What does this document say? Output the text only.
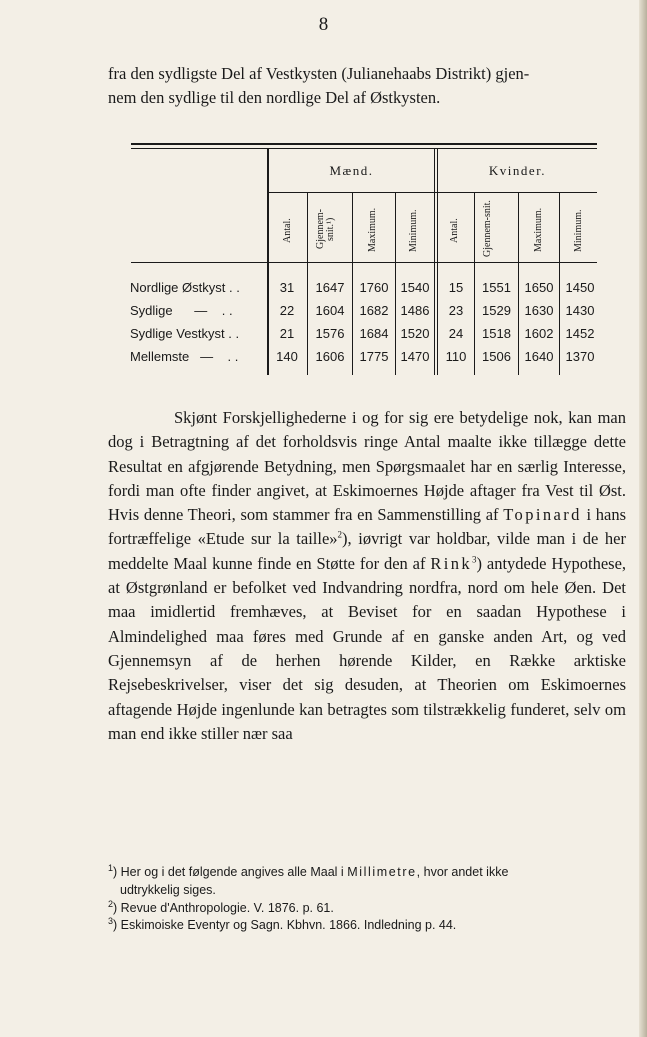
8
fra den sydligste Del af Vestkysten (Julianehaabs Distrikt) gjen-
nem den sydlige til den nordlige Del af Østkysten.
Mænd.	Kvinder.
Antal. Gjennem-snit.¹)	Maximum.	Minimum.	Antal. Gjennem-snit.	Maximum.	Minimum.
Nordlige Østkyst . .	31	1647	1760 1540	15	1551	1650 1450
Sydlige      —    . .	22	1604	1682 1486	23	1529	1630 1430
Sydlige Vestkyst . .	21	1576	1684 1520	24	1518	1602 1452
Mellemste   —    . .	140	1606	1775 1470	110	1506	1640 1370

Skjønt Forskjellighederne i og for sig ere betydelige nok, kan man dog i Betragtning af det forholdsvis ringe Antal maalte ikke tillægge dette Resultat en afgjørende Betydning, men Spørgsmaalet har en særlig Interesse, fordi man ofte finder angivet, at Eskimoernes Højde aftager fra Vest til Øst. Hvis denne Theori, som stammer fra en Sammenstilling af Topinard i hans fortræffelige «Etude sur la taille»$^2$), iøvrigt var holdbar, vilde man i de her meddelte Maal kunne finde en Støtte for den af Rink$^3$) antydede Hypothese, at Østgrønland er befolket ved Indvandring nordfra, nord om hele Øen. Det maa imidlertid fremhæves, at Beviset for en saadan Hypothese i Almindelighed maa føres med Grunde af en ganske anden Art, og ved Gjennemsyn af de herhen hørende Kilder, en Række arktiske Rejsebeskrivelser, viser det sig desuden, at Theorien om Eskimoernes aftagende Højde ingenlunde kan betragtes som tilstrækkelig funderet, selv om man end ikke stiller nær saa

$^1$) Her og i det følgende angives alle Maal i Millimetre, hvor andet ikke
udtrykkelig siges.
$^2$) Revue d'Anthropologie. V. 1876. p. 61.
$^3$) Eskimoiske Eventyr og Sagn. Kbhvn. 1866. Indledning p. 44.
